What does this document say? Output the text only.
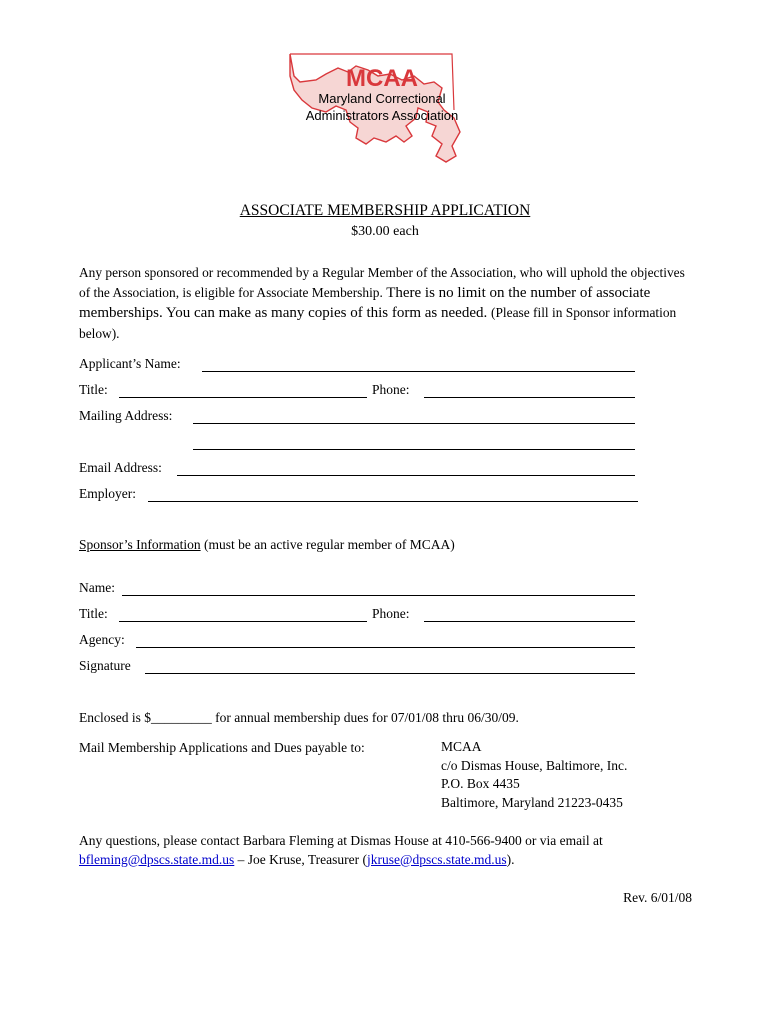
MCAA
Maryland Correctional
Administrators Association
ASSOCIATE MEMBERSHIP APPLICATION
$30.00 each
Any person sponsored or recommended by a Regular Member of the Association, who will uphold the objectives of the Association, is eligible for Associate Membership. There is no limit on the number of associate memberships. You can make as many copies of this form as needed. (Please fill in Sponsor information below).
Applicant’s Name:
Title:	Phone:
Mailing Address:
Email Address:
Employer:
Sponsor’s Information (must be an active regular member of MCAA)
Name:
Title:	Phone:
Agency:
Signature
Enclosed is $_________ for annual membership dues for 07/01/08 thru 06/30/09.
Mail Membership Applications and Dues payable to:	MCAA
c/o Dismas House, Baltimore, Inc.
P.O. Box 4435
Baltimore, Maryland 21223-0435
Any questions, please contact Barbara Fleming at Dismas House at 410-566-9400 or via email at
bfleming@dpscs.state.md.us – Joe Kruse, Treasurer (jkruse@dpscs.state.md.us).
Rev. 6/01/08
